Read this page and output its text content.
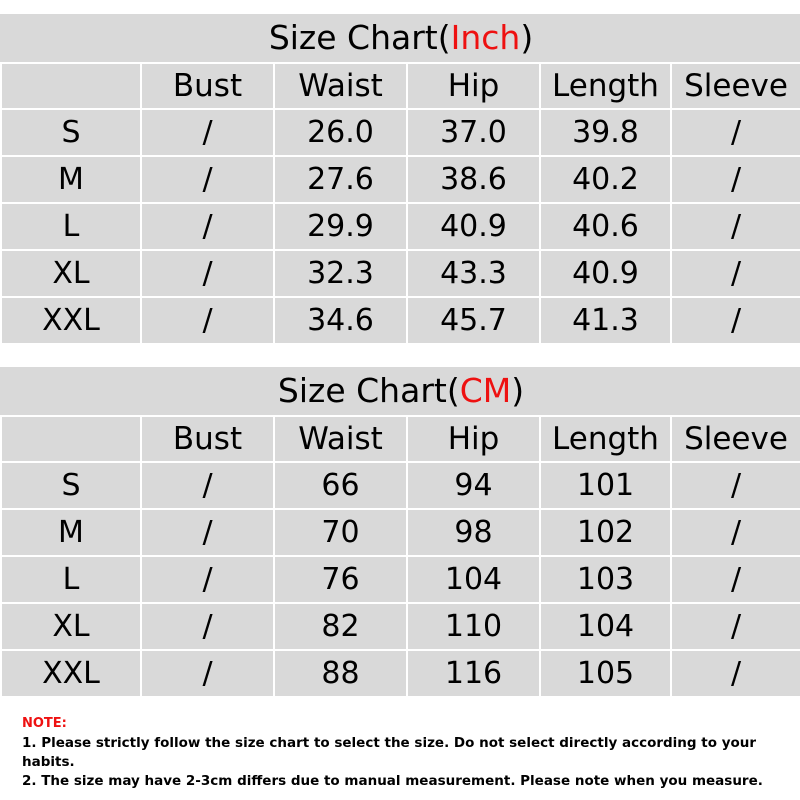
Size Chart(Inch)					
	Bust	Waist	Hip	Length	Sleeve
S	/	26.0	37.0	39.8	/
M	/	27.6	38.6	40.2	/
L	/	29.9	40.9	40.6	/
XL	/	32.3	43.3	40.9	/
XXL	/	34.6	45.7	41.3	/
Size Chart(CM)					
	Bust	Waist	Hip	Length	Sleeve
S	/	66	94	101	/
M	/	70	98	102	/
L	/	76	104	103	/
XL	/	82	110	104	/
XXL	/	88	116	105	/
NOTE:
1. Please strictly follow the size chart to select the size. Do not select directly according to your habits.
2. The size may have 2-3cm differs due to manual measurement. Please note when you measure.
